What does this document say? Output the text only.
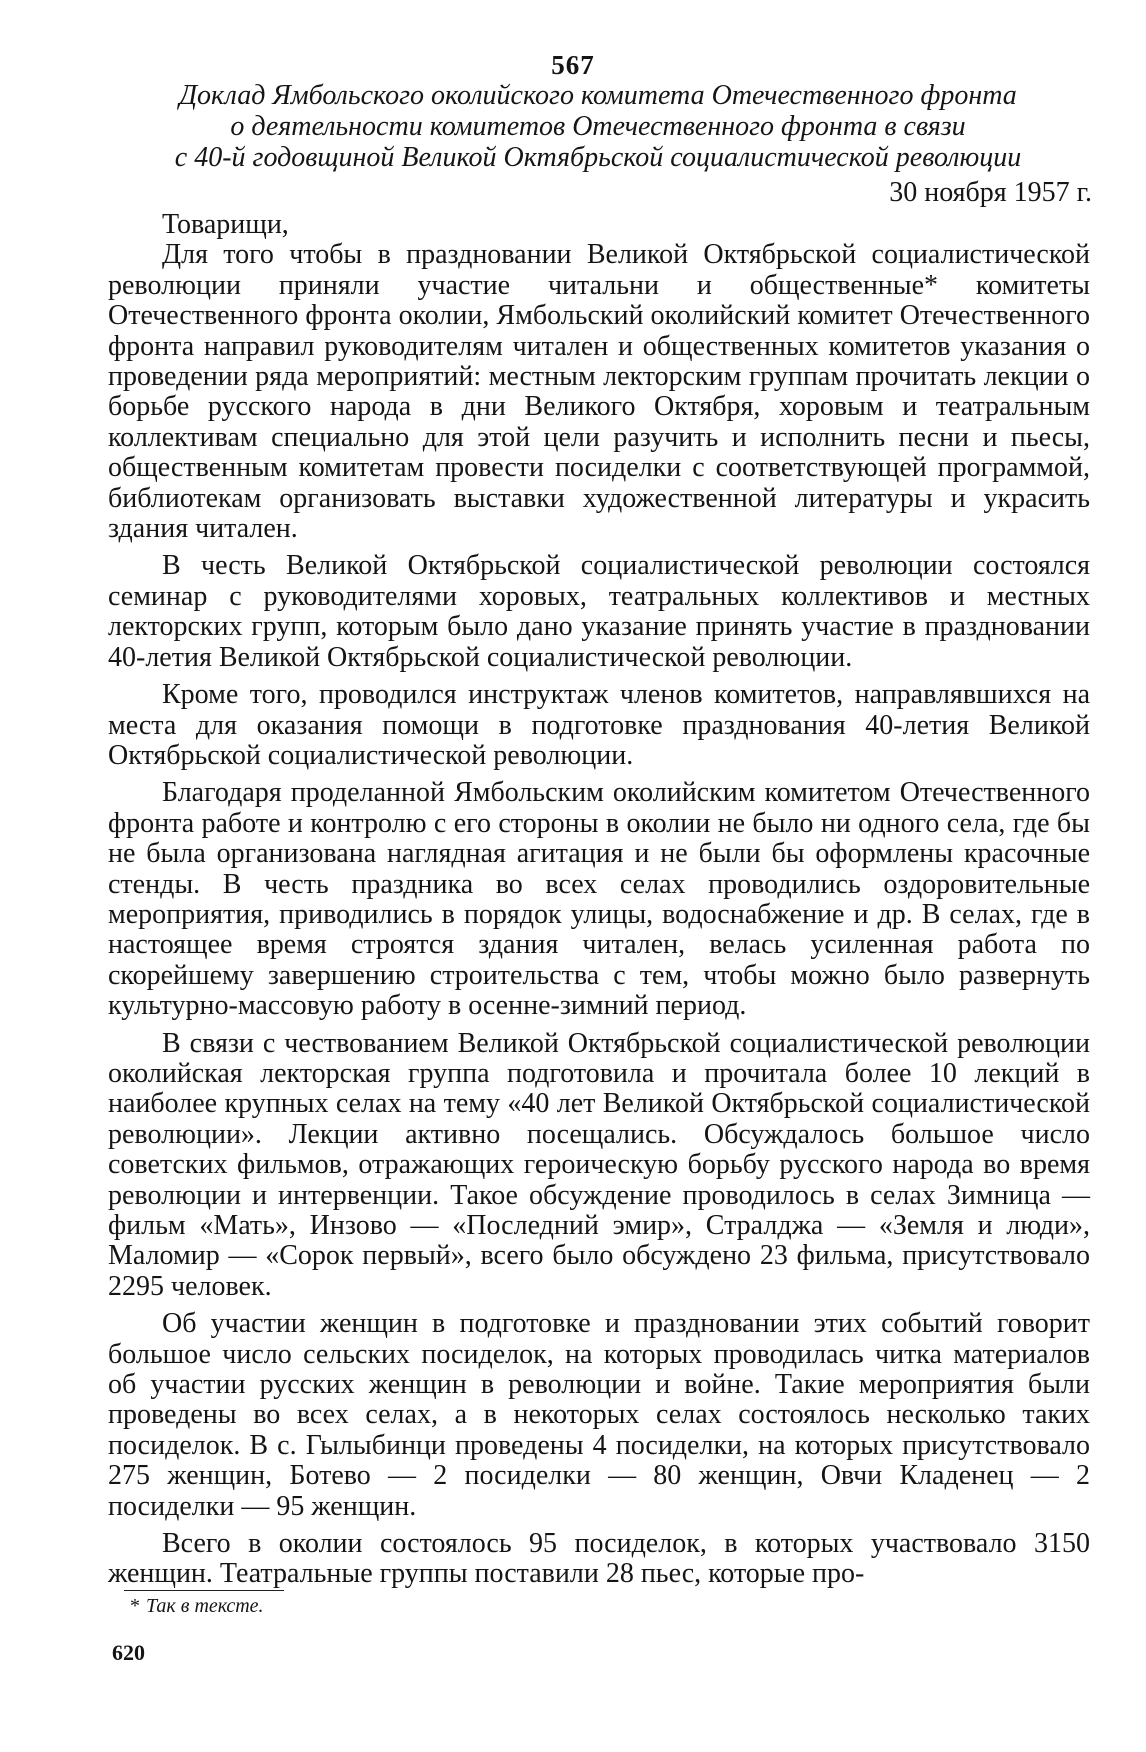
567
Доклад Ямбольского околийского комитета Отечественного фронта
о деятельности комитетов Отечественного фронта в связи
с 40-й годовщиной Великой Октябрьской социалистической революции
30 ноября 1957 г.

Товарищи,

Для того чтобы в праздновании Великой Октябрьской социалистической революции приняли участие читальни и общественные* комитеты Отечественного фронта околии, Ямбольский околийский комитет Отечественного фронта направил руководителям читален и общественных комитетов указания о проведении ряда мероприятий: местным лекторским группам прочитать лекции о борьбе русского народа в дни Великого Октября, хоровым и театральным коллективам специально для этой цели разучить и исполнить песни и пьесы, общественным комитетам провести посиделки с соответствующей программой, библиотекам организовать выставки художественной литературы и украсить здания читален.

В честь Великой Октябрьской социалистической революции состоялся семинар с руководителями хоровых, театральных коллективов и местных лекторских групп, которым было дано указание принять участие в праздновании 40-летия Великой Октябрьской социалистической революции.

Кроме того, проводился инструктаж членов комитетов, направлявшихся на места для оказания помощи в подготовке празднования 40-летия Великой Октябрьской социалистической революции.

Благодаря проделанной Ямбольским околийским комитетом Отечественного фронта работе и контролю с его стороны в околии не было ни одного села, где бы не была организована наглядная агитация и не были бы оформлены красочные стенды. В честь праздника во всех селах проводились оздоровительные мероприятия, приводились в порядок улицы, водоснабжение и др. В селах, где в настоящее время строятся здания читален, велась усиленная работа по скорейшему завершению строительства с тем, чтобы можно было развернуть культурно-массовую работу в осенне-зимний период.

В связи с чествованием Великой Октябрьской социалистической революции околийская лекторская группа подготовила и прочитала более 10 лекций в наиболее крупных селах на тему «40 лет Великой Октябрьской социалистической революции». Лекции активно посещались. Обсуждалось большое число советских фильмов, отражающих героическую борьбу русского народа во время революции и интервенции. Такое обсуждение проводилось в селах Зимница — фильм «Мать», Инзово — «Последний эмир», Стралджа — «Земля и люди», Маломир — «Сорок первый», всего было обсуждено 23 фильма, присутствовало 2295 человек.

Об участии женщин в подготовке и праздновании этих событий говорит большое число сельских посиделок, на которых проводилась читка материалов об участии русских женщин в революции и войне. Такие мероприятия были проведены во всех селах, а в некоторых селах состоялось несколько таких посиделок. В с. Гылыбинци проведены 4 посиделки, на которых присутствовало 275 женщин, Ботево — 2 посиделки — 80 женщин, Овчи Кладенец — 2 посиделки — 95 женщин.

Всего в околии состоялось 95 посиделок, в которых участвовало 3150 женщин. Театральные группы поставили 28 пьес, которые про-

* Так в тексте.
620
